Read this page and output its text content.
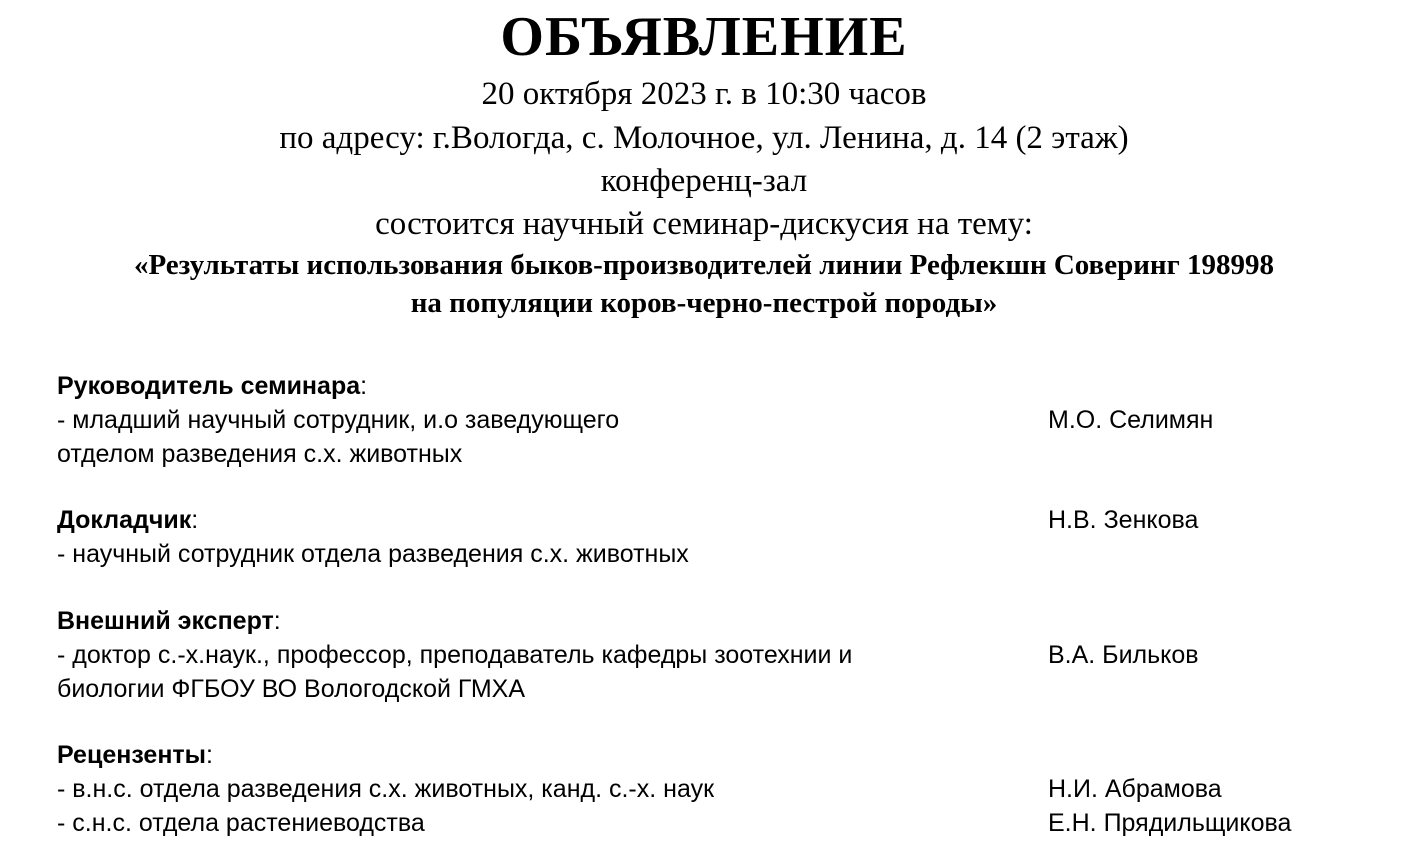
ОБЪЯВЛЕНИЕ
20 октября 2023 г. в 10:30 часов
по адресу: г.Вологда, с. Молочное, ул. Ленина, д. 14 (2 этаж)
конференц-зал
состоится научный семинар-дискусия на тему:
«Результаты использования быков-производителей линии Рефлекшн Соверинг 198998
на популяции коров-черно-пестрой породы»
Руководитель семинара:
- младший научный сотрудник, и.о заведующего	М.О. Селимян
отделом разведения с.х. животных
Докладчик:	Н.В. Зенкова
- научный сотрудник отдела разведения с.х. животных
Внешний эксперт:
- доктор с.-х.наук., профессор, преподаватель кафедры зоотехнии и	В.А. Бильков
биологии ФГБОУ ВО Вологодской ГМХА
Рецензенты:
- в.н.с. отдела разведения с.х. животных, канд. с.-х. наук	Н.И. Абрамова
- с.н.с. отдела растениеводства	Е.Н. Прядильщикова
